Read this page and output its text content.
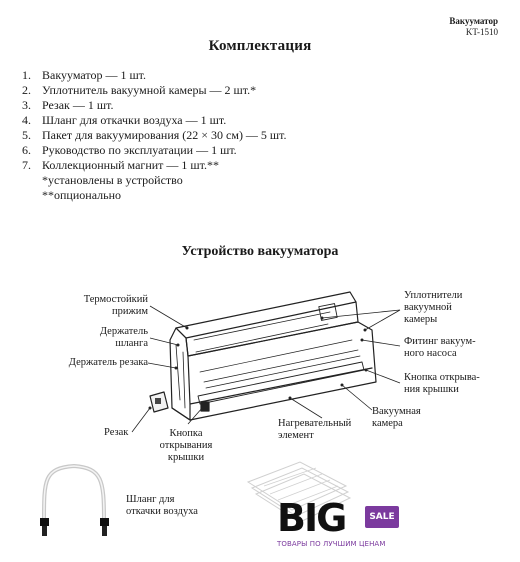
Вакууматор
KT-1510
Комплектация
1. Вакууматор — 1 шт.
2. Уплотнитель вакуумной камеры — 2 шт.*
3. Резак — 1 шт.
4. Шланг для откачки воздуха — 1 шт.
5. Пакет для вакуумирования (22 × 30 см) — 5 шт.
6. Руководство по эксплуатации — 1 шт.
7. Коллекционный магнит — 1 шт.**
*установлены в устройство
**опционально
Устройство вакууматора
Термостойкий
прижим
Держатель
шланга
Держатель резака
Резак	Кнопка
открывания
крышки
Нагревательный
элемент
Вакуумная
камера
Уплотнители
вакуумной
камеры
Фитинг вакуум-
ного насоса
Кнопка открыва-
ния крышки
Шланг для
откачки воздуха BIG	SALE
ТОВАРЫ ПО ЛУЧШИМ ЦЕНАМ
